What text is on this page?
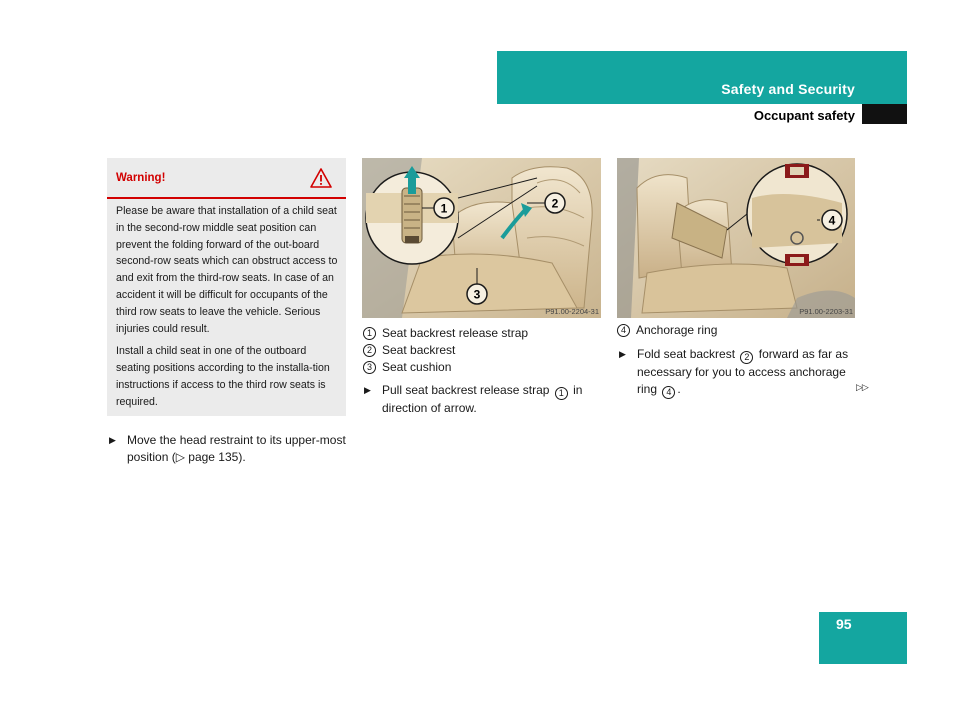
Safety and Security
Occupant safety
Warning!

Please be aware that installation of a child seat in the second-row middle seat position can prevent the folding forward of the out-board second-row seats which can obstruct access to and exit from the third-row seats. In case of an accident it will be difficult for occupants of the third row seats to leave the vehicle. Serious injuries could result.

Install a child seat in one of the outboard seating positions according to the installa-tion instructions if access to the third row seats is required.

▶ Move the head restraint to its upper-most position (▷ page 135).
1	2
3
P91.00-2204-31
4
P91.00-2203-31
1 Seat backrest release strap
2 Seat backrest
3 Seat cushion
▶ Pull seat backrest release strap 1 in direction of arrow.
4 Anchorage ring
▶ Fold seat backrest 2 forward as far as necessary for you to access anchorage ring 4 .	▷▷
95
